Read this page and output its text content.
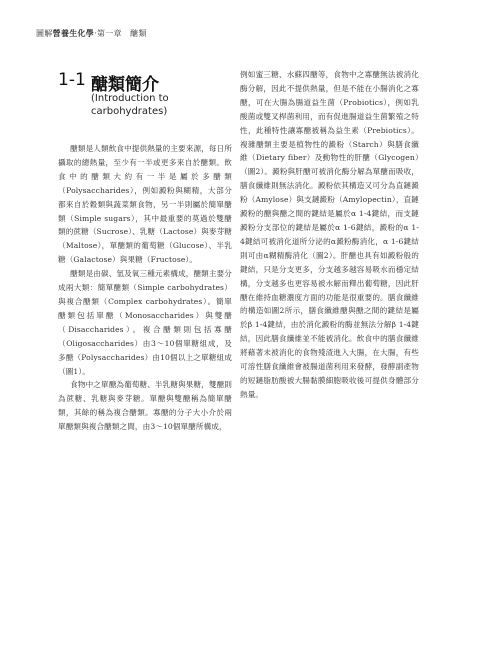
圖解營養生化學‧第一章　醣類
1-1 醣類簡介
(Introduction to carbohydrates)

醣類是人類飲食中提供熱量的主要來源，每日所攝取的總熱量，至少有一半或更多來自於醣類。飲食中的醣類大約有一半是屬於多醣類（Polysaccharides），例如澱粉與糊精，大部分都來自於穀類與蔬菜類食物，另一半則屬於簡單醣類（Simple sugars），其中最重要的莫過於雙醣類的蔗糖（Sucrose）、乳糖（Lactose）與麥芽糖（Maltose），單醣類的葡萄糖（Glucose）、半乳糖（Galactose）與果糖（Fructose）。

醣類是由碳、氫及氧三種元素構成，醣類主要分成兩大類：簡單醣類（Simple carbohydrates）與複合醣類（Complex carbohydrates）。簡單醣類包括單醣（Monosaccharides）與雙醣（Disaccharides）。複合醣類則包括寡醣（Oligosaccharides）由3～10個單糖組成，及多醣（Polysaccharides）由10個以上之單糖組成（圖1）。

食物中之單醣為葡萄糖、半乳糖與果糖，雙醣則為蔗糖、乳糖與麥芽糖。單醣與雙醣稱為簡單醣類，其餘的稱為複合醣類。寡醣的分子大小介於兩單醣類與複合醣類之間，由3～10個單醣所構成，

例如蜜三糖、水蘇四醣等，食物中之寡醣無法被消化酶分解，因此不提供熱量，但是不能在小腸消化之寡醣，可在大腸為腸道益生菌（Probiotics），例如乳酸菌或雙叉桿菌利用，而有促進腸道益生菌繁殖之特性，此種特性讓寡醣被稱為益生素（Prebiotics）。複雜醣類主要是植物性的澱粉（Starch）與膳食纖維（Dietary fiber）及動物性的肝醣（Glycogen）（圖2）。澱粉與肝醣可被消化酶分解為單醣而吸收，膳食纖維則無法消化。澱粉依其構造又可分為直鏈澱粉（Amylose）與支鏈澱粉（Amylopectin），直鏈澱粉的醣與醣之間的鍵結是屬於α 1-4鍵結，而支鏈澱粉分支部位的鍵結是屬於α 1-6鍵結，澱粉的α 1-4鍵結可被消化道所分泌的α澱粉酶消化，α 1-6鍵結則可由α糊精酶消化（圖2）。肝醣也具有如澱粉般的鍵結，只是分支更多，分支越多越容易吸水而穩定結構，分支越多也更容易被水解而釋出葡萄糖，因此肝醣在維持血糖濃度方面的功能是很重要的。膳食纖維的構造如圖2所示，膳食纖維醣與醣之間的鍵結是屬於β 1-4鍵結，由於消化澱粉的酶並無法分解β 1-4鍵結，因此膳食纖維並不能被消化。飲食中的膳食纖維將藉著未被消化的食物殘渣進入大腸，在大腸，有些可溶性膳食纖維會被腸道菌利用來發酵，發酵副產物的短鏈脂肪酸被大腸黏膜細胞吸收後可提供身體部分熱量。
